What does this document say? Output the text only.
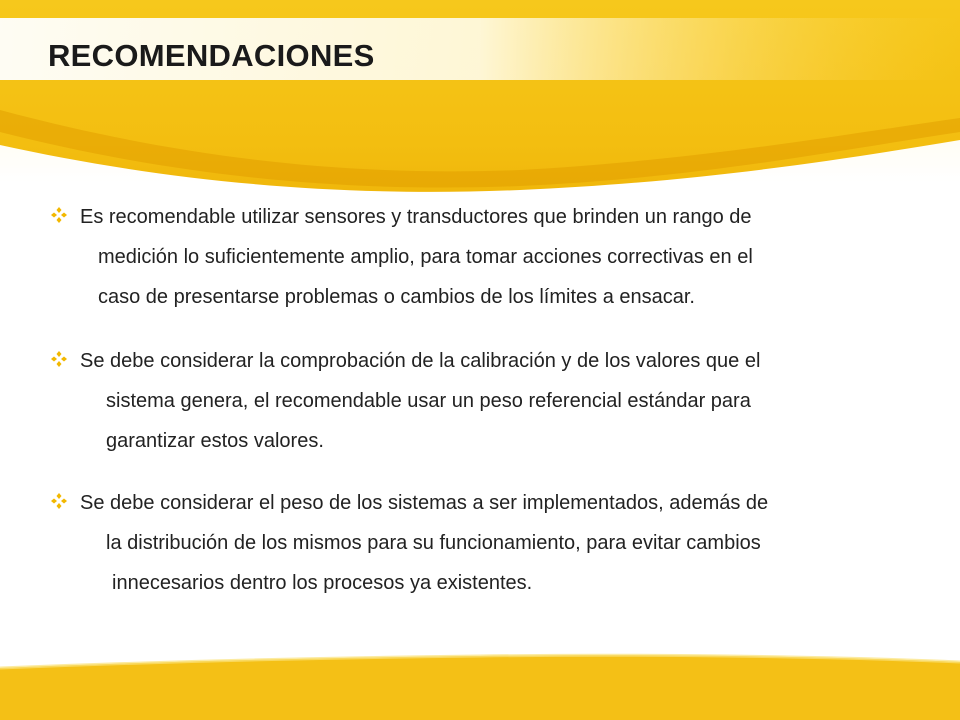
RECOMENDACIONES
Es recomendable utilizar sensores y transductores que brinden un rango de
medición lo suficientemente amplio, para tomar acciones correctivas en el
caso de presentarse problemas o cambios de los límites a ensacar.
Se debe considerar la comprobación de la calibración y de los valores que el
sistema genera, el recomendable usar un peso referencial estándar para
garantizar estos valores.
Se debe considerar el peso de los sistemas a ser implementados, además de
la distribución de los mismos para su funcionamiento, para evitar cambios
innecesarios dentro los procesos ya existentes.
